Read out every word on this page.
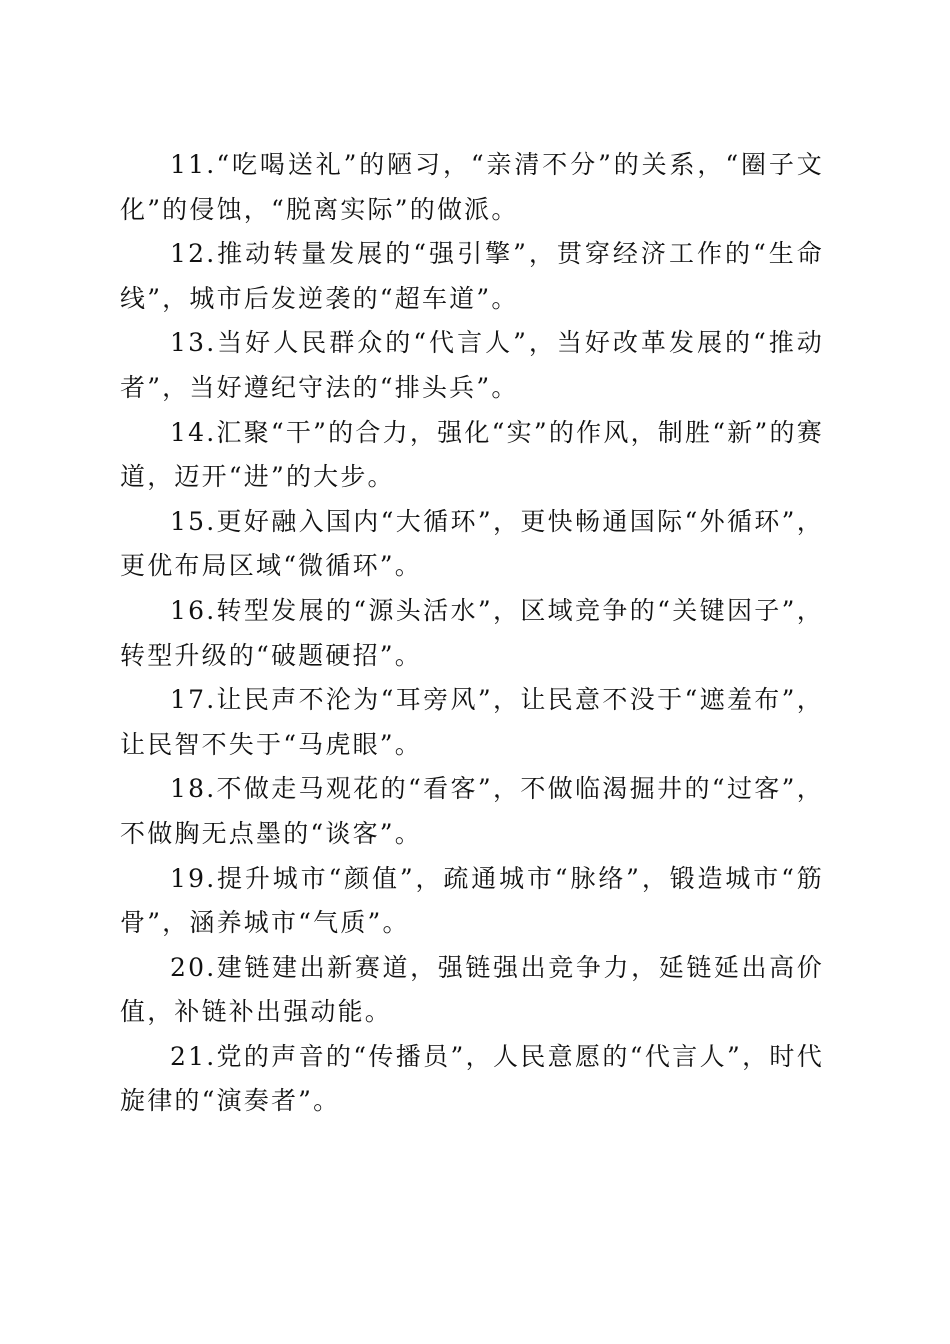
11.“吃喝送礼”的陋习，“亲清不分”的关系，“圈子文化”的侵蚀，“脱离实际”的做派。

12.推动转量发展的“强引擎”，贯穿经济工作的“生命线”，城市后发逆袭的“超车道”。

13.当好人民群众的“代言人”，当好改革发展的“推动者”，当好遵纪守法的“排头兵”。

14.汇聚“干”的合力，强化“实”的作风，制胜“新”的赛道，迈开“进”的大步。

15.更好融入国内“大循环”，更快畅通国际“外循环”，更优布局区域“微循环”。

16.转型发展的“源头活水”，区域竞争的“关键因子”，转型升级的“破题硬招”。

17.让民声不沦为“耳旁风”，让民意不没于“遮羞布”，让民智不失于“马虎眼”。

18.不做走马观花的“看客”，不做临渴掘井的“过客”，不做胸无点墨的“谈客”。

19.提升城市“颜值”，疏通城市“脉络”，锻造城市“筋骨”，涵养城市“气质”。

20.建链建出新赛道，强链强出竞争力，延链延出高价值，补链补出强动能。

21.党的声音的“传播员”，人民意愿的“代言人”，时代旋律的“演奏者”。
